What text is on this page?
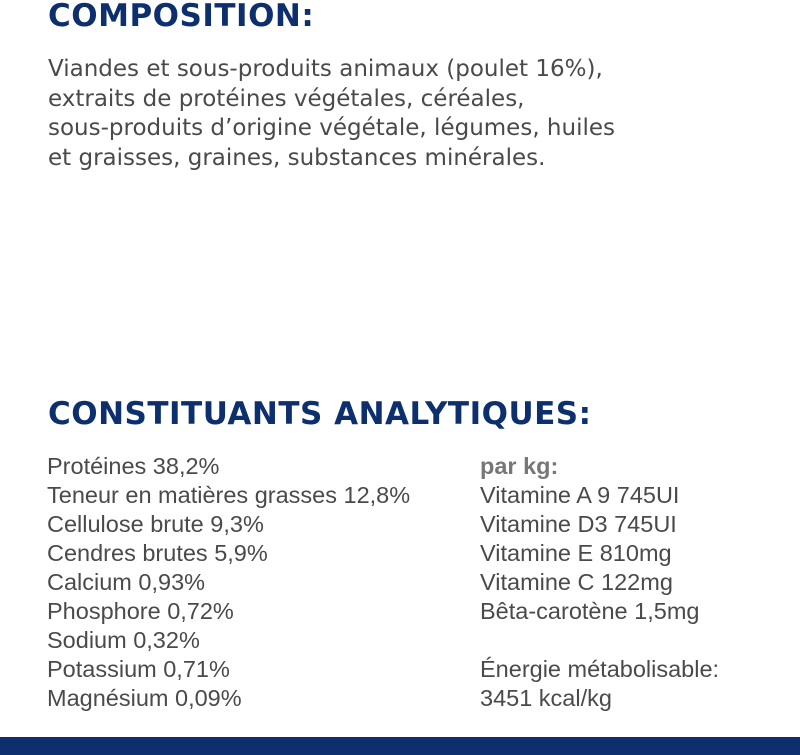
COMPOSITION:

Viandes et sous-produits animaux (poulet 16%),
extraits de protéines végétales, céréales,
sous-produits d’origine végétale, légumes, huiles
et graisses, graines, substances minérales.

CONSTITUANTS ANALYTIQUES:
Protéines 38,2%
Teneur en matières grasses 12,8%
Cellulose brute 9,3%
Cendres brutes 5,9%
Calcium 0,93%
Phosphore 0,72%
Sodium 0,32%
Potassium 0,71%
Magnésium 0,09%
par kg:
Vitamine A 9 745UI
Vitamine D3 745UI
Vitamine E 810mg
Vitamine C 122mg
Bêta-carotène 1,5mg
Énergie métabolisable:
3451 kcal/kg
